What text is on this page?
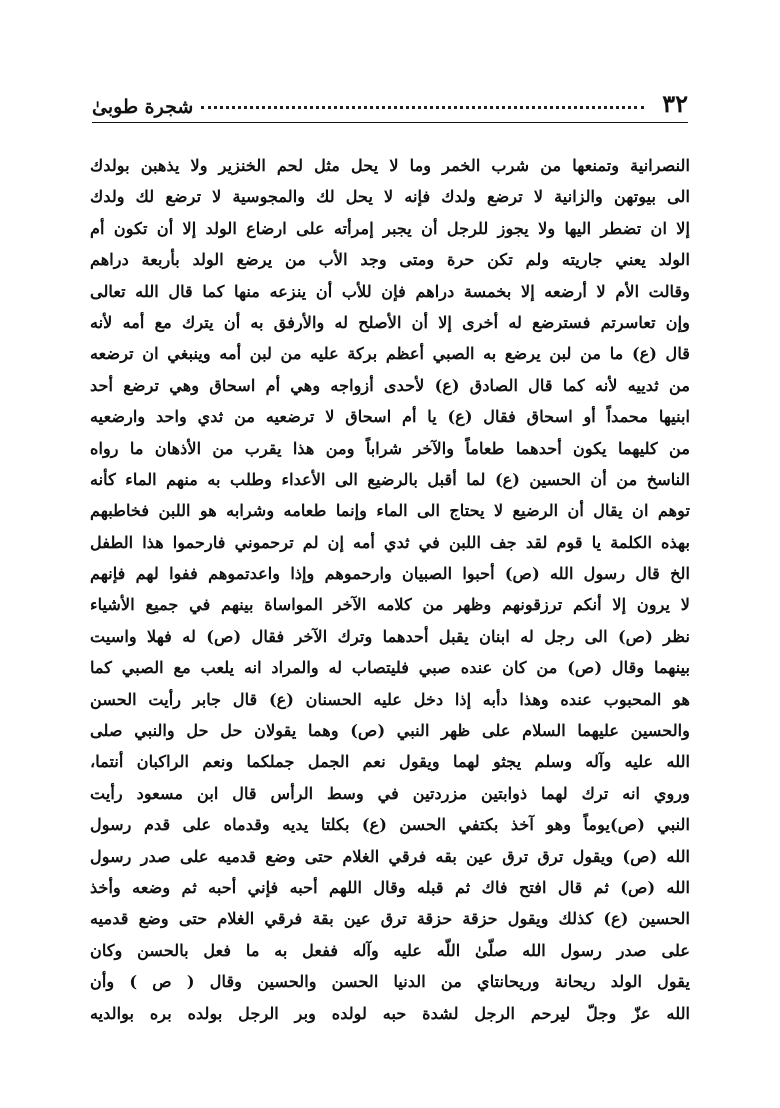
٣٢
شجرة طوبىٰ
النصرانية وتمنعها من شرب الخمر وما لا يحل مثل لحم الخنزير ولا يذهبن بولدك
الى بيوتهن والزانية لا ترضع ولدك فإنه لا يحل لك والمجوسية لا ترضع لك ولدك
إلا ان تضطر اليها ولا يجوز للرجل أن يجبر إمرأته على ارضاع الولد إلا أن تكون أم
الولد يعني جاريته ولم تكن حرة ومتى وجد الأب من يرضع الولد بأربعة دراهم
وقالت الأم لا أرضعه إلا بخمسة دراهم فإن للأب أن ينزعه منها كما قال الله تعالى
وإن تعاسرتم فسترضع له أخرى إلا أن الأصلح له والأرفق به أن يترك مع أمه لأنه
قال (ع) ما من لبن يرضع به الصبي أعظم بركة عليه من لبن أمه وينبغي ان ترضعه
من ثدييه لأنه كما قال الصادق (ع) لأحدى أزواجه وهي أم اسحاق وهي ترضع أحد
ابنيها محمداً أو اسحاق فقال (ع) يا أم اسحاق لا ترضعيه من ثدي واحد وارضعيه
من كليهما يكون أحدهما طعاماً والآخر شراباً ومن هذا يقرب من الأذهان ما رواه
الناسخ من أن الحسين (ع) لما أقبل بالرضيع الى الأعداء وطلب به منهم الماء كأنه
توهم ان يقال أن الرضيع لا يحتاج الى الماء وإنما طعامه وشرابه هو اللبن فخاطبهم
بهذه الكلمة يا قوم لقد جف اللبن في ثدي أمه إن لم ترحموني فارحموا هذا الطفل
الخ قال رسول الله (ص) أحبوا الصبيان وارحموهم وإذا واعدتموهم ففوا لهم فإنهم
لا يرون إلا أنكم ترزقونهم وظهر من كلامه الآخر المواساة بينهم في جميع الأشياء
نظر (ص) الى رجل له ابنان يقبل أحدهما وترك الآخر فقال (ص) له فهلا واسيت
بينهما وقال (ص) من كان عنده صبي فليتصاب له والمراد انه يلعب مع الصبي كما
هو المحبوب عنده وهذا دأبه إذا دخل عليه الحسنان (ع) قال جابر رأيت الحسن
والحسين عليهما السلام على ظهر النبي (ص) وهما يقولان حل حل والنبي صلى
الله عليه وآله وسلم يجثو لهما ويقول نعم الجمل جملكما ونعم الراكبان أنتما،
وروي انه ترك لهما ذوابتين مزردتين في وسط الرأس قال ابن مسعود رأيت
النبي (ص)يوماً وهو آخذ بكتفي الحسن (ع) بكلتا يديه وقدماه على قدم رسول
الله (ص) ويقول ترق ترق عين بقه فرقي الغلام حتى وضع قدميه على صدر رسول
الله (ص) ثم قال افتح فاك ثم قبله وقال اللهم أحبه فإني أحبه ثم وضعه وأخذ
الحسين (ع) كذلك ويقول حزقة حزقة ترق عين بقة فرقي الغلام حتى وضع قدميه
على صدر رسول الله صلّىٰ اللّه عليه وآله ففعل به ما فعل بالحسن وكان
يقول الولد ريحانة وريحانتاي من الدنيا الحسن والحسين وقال ( ص ) وأن
الله عزّ وجلّ ليرحم الرجل لشدة حبه لولده وبر الرجل بولده بره بوالديه
